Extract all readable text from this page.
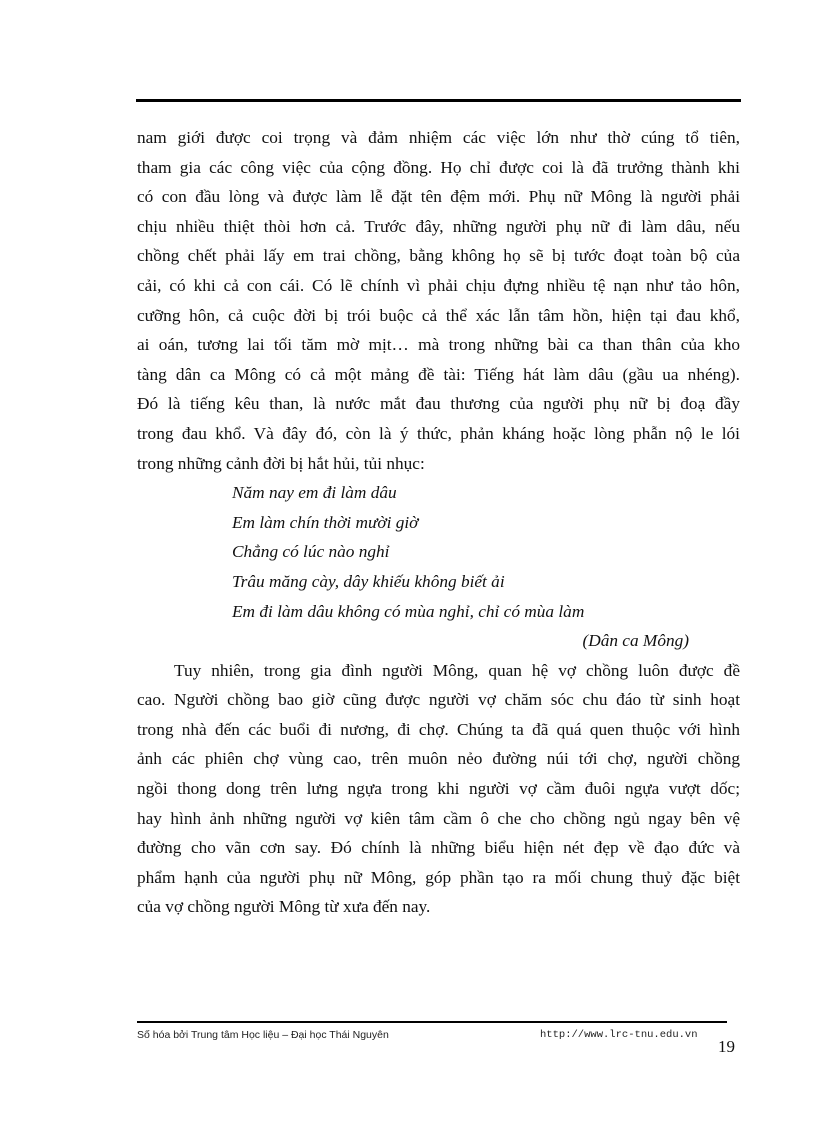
nam giới được coi trọng và đảm nhiệm các việc lớn như thờ cúng tổ tiên,

tham gia các công việc của cộng đồng. Họ chỉ được coi là đã trưởng thành khi

có con đầu lòng và được làm lễ đặt tên đệm mới. Phụ nữ Mông là người phải

chịu nhiều thiệt thòi hơn cả. Trước đây, những người phụ nữ đi làm dâu, nếu

chồng chết phải lấy em trai chồng, bằng không họ sẽ bị tước đoạt toàn bộ của

cải, có khi cả con cái. Có lẽ chính vì phải chịu đựng nhiều tệ nạn như tảo hôn,

cưỡng hôn, cả cuộc đời bị trói buộc cả thể xác lẫn tâm hồn, hiện tại đau khổ,

ai oán, tương lai tối tăm mờ mịt… mà trong những bài ca than thân của kho

tàng dân ca Mông có cả một mảng đề tài: Tiếng hát làm dâu (gầu ua nhéng).

Đó là tiếng kêu than, là nước mắt đau thương của người phụ nữ bị đoạ đầy

trong đau khổ. Và đây đó, còn là ý thức, phản kháng hoặc lòng phẫn nộ le lói

trong những cảnh đời bị hắt hủi, tủi nhục:

Năm nay em đi làm dâu
Em làm chín thời mười giờ
Chẳng có lúc nào nghỉ
Trâu măng cày, dây khiếu không biết ải
Em đi làm dâu không có mùa nghỉ, chỉ có mùa làm
(Dân ca Mông)

Tuy nhiên, trong gia đình người Mông, quan hệ vợ chồng luôn được đề

cao. Người chồng bao giờ cũng được người vợ chăm sóc chu đáo từ sinh hoạt

trong nhà đến các buổi đi nương, đi chợ. Chúng ta đã quá quen thuộc với hình

ảnh các phiên chợ vùng cao, trên muôn nẻo đường núi tới chợ, người chồng

ngồi thong dong trên lưng ngựa trong khi người vợ cầm đuôi ngựa vượt dốc;

hay hình ảnh những người vợ kiên tâm cầm ô che cho chồng ngủ ngay bên vệ

đường cho vãn cơn say. Đó chính là những biểu hiện nét đẹp về đạo đức và

phẩm hạnh của người phụ nữ Mông, góp phần tạo ra mối chung thuỷ đặc biệt

của vợ chồng người Mông từ xưa đến nay.

Số hóa bởi Trung tâm Học liệu – Đại học Thái Nguyên	http://www.lrc-tnu.edu.vn
19
